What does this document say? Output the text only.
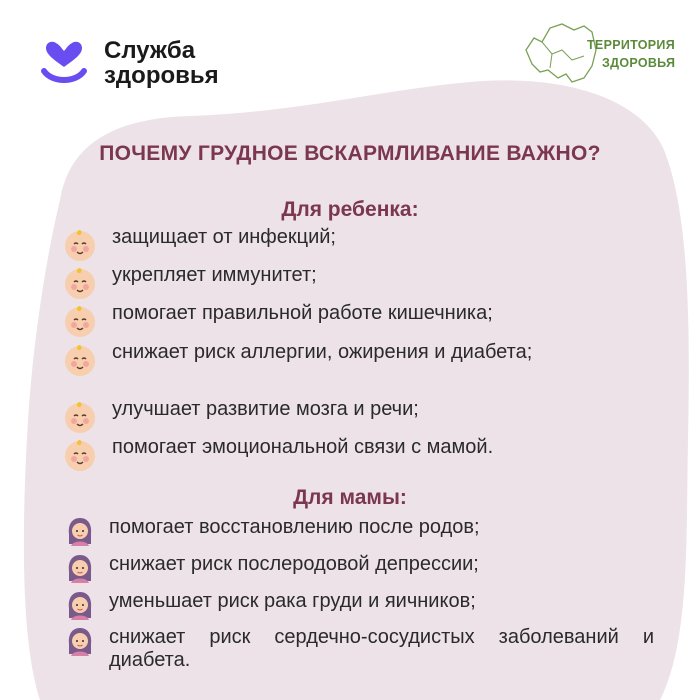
Служба
здоровья
ТЕРРИТОРИЯ
ЗДОРОВЬЯ
ПОЧЕМУ ГРУДНОЕ ВСКАРМЛИВАНИЕ ВАЖНО?
Для ребенка:
защищает от инфекций;
укрепляет иммунитет;
помогает правильной работе кишечника;
снижает риск аллергии, ожирения и диабета;
улучшает развитие мозга и речи;
помогает эмоциональной связи с мамой.
Для мамы:
помогает восстановлению после родов;
снижает риск послеродовой депрессии;
уменьшает риск рака груди и яичников;
снижает риск сердечно-сосудистых заболеваний и диабета.
